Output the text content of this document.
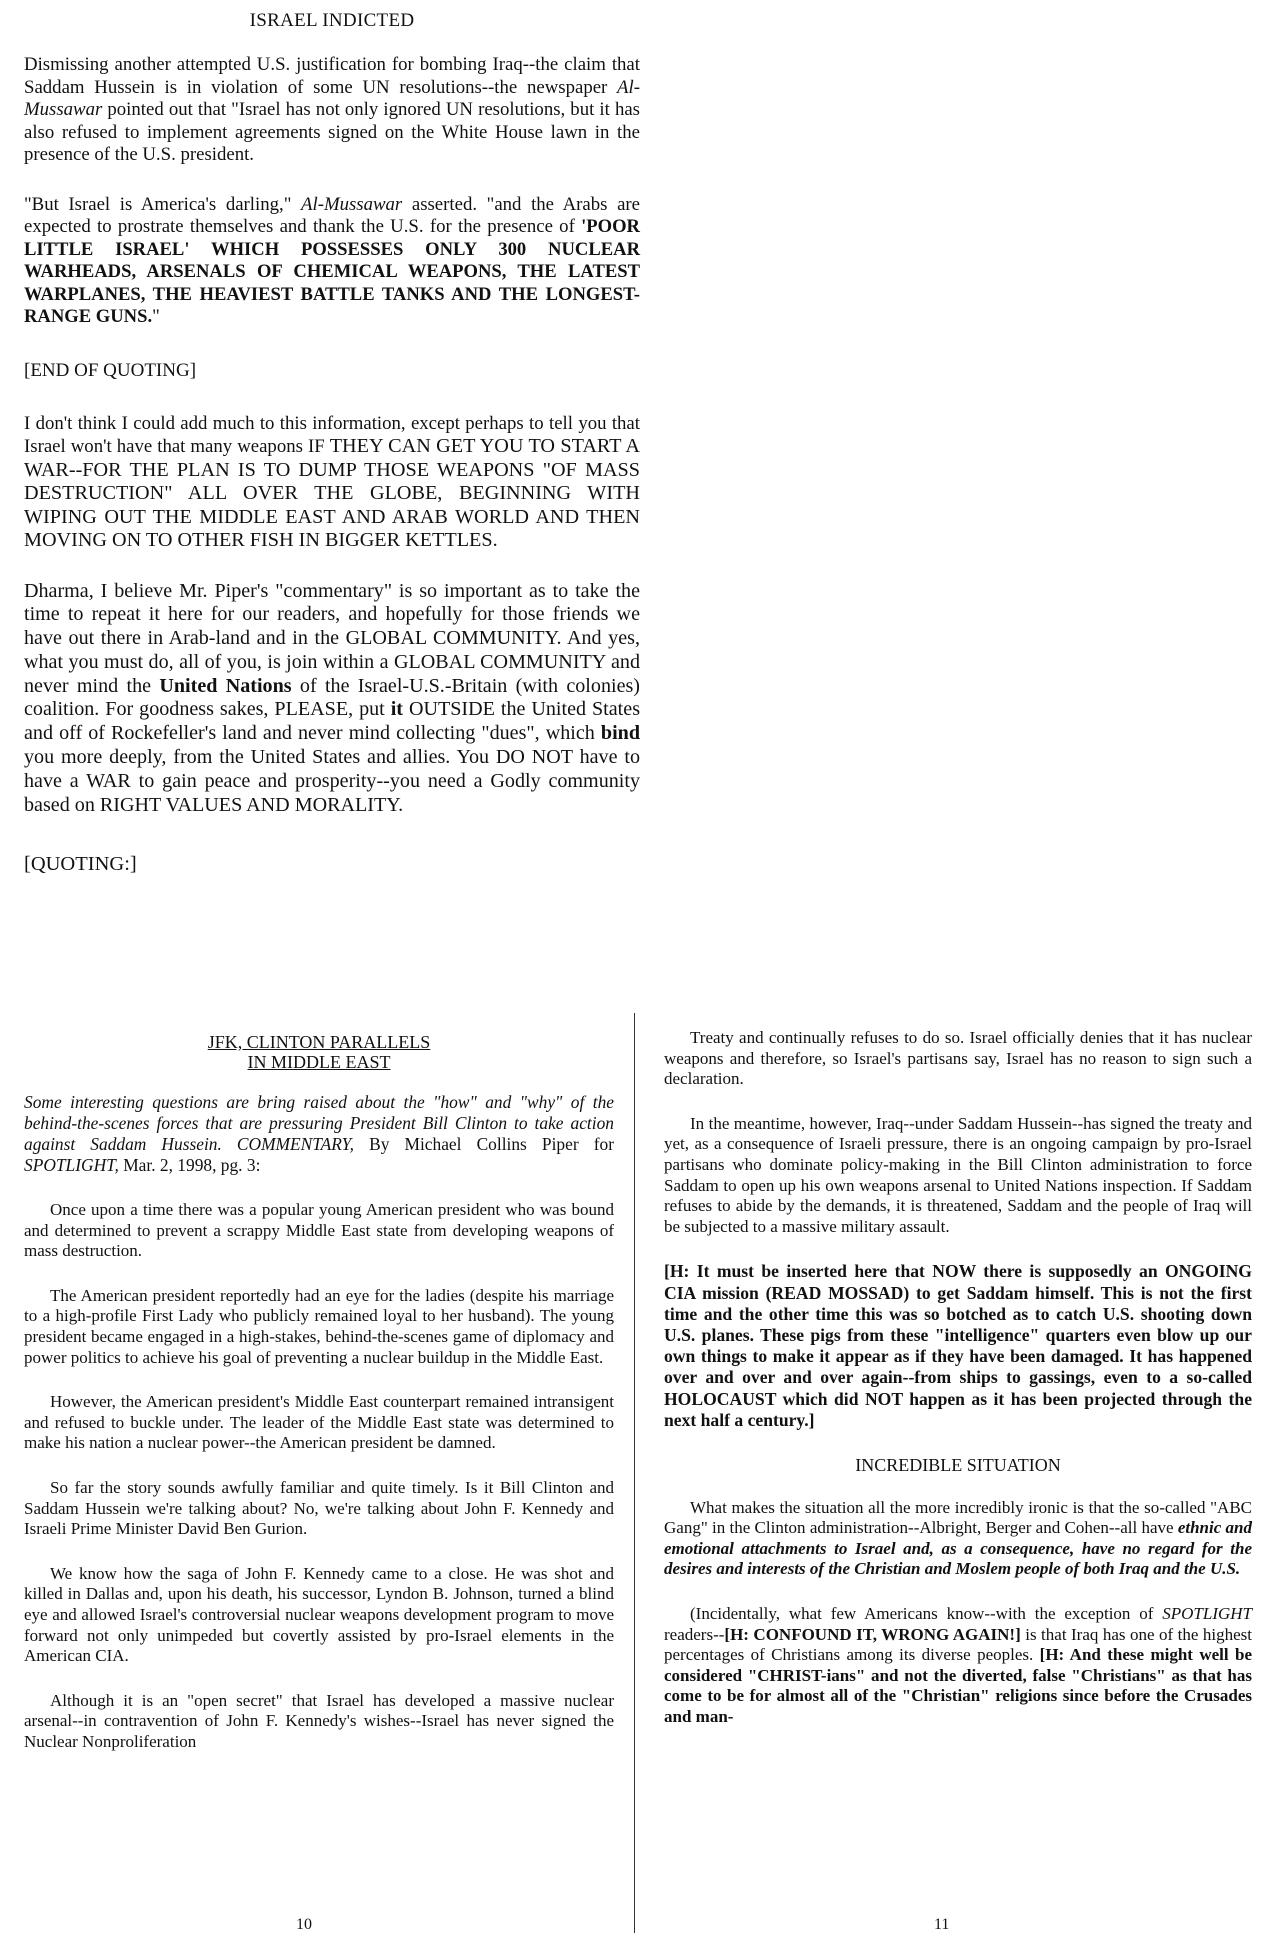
ISRAEL INDICTED

Dismissing another attempted U.S. justification for bombing Iraq--the claim that Saddam Hussein is in violation of some UN resolutions--the newspaper Al-Mussawar pointed out that "Israel has not only ignored UN resolutions, but it has also refused to implement agreements signed on the White House lawn in the presence of the U.S. president.

"But Israel is America's darling," Al-Mussawar asserted. "and the Arabs are expected to prostrate themselves and thank the U.S. for the presence of 'POOR LITTLE ISRAEL' WHICH POSSESSES ONLY 300 NUCLEAR WARHEADS, ARSENALS OF CHEMICAL WEAPONS, THE LATEST WARPLANES, THE HEAVIEST BATTLE TANKS AND THE LONGEST-RANGE GUNS."

[END OF QUOTING]

I don't think I could add much to this information, except perhaps to tell you that Israel won't have that many weapons IF THEY CAN GET YOU TO START A WAR--FOR THE PLAN IS TO DUMP THOSE WEAPONS "OF MASS DESTRUCTION" ALL OVER THE GLOBE, BEGINNING WITH WIPING OUT THE MIDDLE EAST AND ARAB WORLD AND THEN MOVING ON TO OTHER FISH IN BIGGER KETTLES.

Dharma, I believe Mr. Piper's "commentary" is so important as to take the time to repeat it here for our readers, and hopefully for those friends we have out there in Arab-land and in the GLOBAL COMMUNITY. And yes, what you must do, all of you, is join within a GLOBAL COMMUNITY and never mind the United Nations of the Israel-U.S.-Britain (with colonies) coalition. For goodness sakes, PLEASE, put it OUTSIDE the United States and off of Rockefeller's land and never mind collecting "dues", which bind you more deeply, from the United States and allies. You DO NOT have to have a WAR to gain peace and prosperity--you need a Godly community based on RIGHT VALUES AND MORALITY.

[QUOTING:]

JFK, CLINTON PARALLELS
IN MIDDLE EAST

Some interesting questions are bring raised about the "how" and "why" of the behind-the-scenes forces that are pressuring President Bill Clinton to take action against Saddam Hussein. COMMENTARY, By Michael Collins Piper for SPOTLIGHT, Mar. 2, 1998, pg. 3:

Once upon a time there was a popular young American president who was bound and determined to prevent a scrappy Middle East state from developing weapons of mass destruction.

The American president reportedly had an eye for the ladies (despite his marriage to a high-profile First Lady who publicly remained loyal to her husband). The young president became engaged in a high-stakes, behind-the-scenes game of diplomacy and power politics to achieve his goal of preventing a nuclear buildup in the Middle East.

However, the American president's Middle East counterpart remained intransigent and refused to buckle under. The leader of the Middle East state was determined to make his nation a nuclear power--the American president be damned.

So far the story sounds awfully familiar and quite timely. Is it Bill Clinton and Saddam Hussein we're talking about? No, we're talking about John F. Kennedy and Israeli Prime Minister David Ben Gurion.

We know how the saga of John F. Kennedy came to a close. He was shot and killed in Dallas and, upon his death, his successor, Lyndon B. Johnson, turned a blind eye and allowed Israel's controversial nuclear weapons development program to move forward not only unimpeded but covertly assisted by pro-Israel elements in the American CIA.

Although it is an "open secret" that Israel has developed a massive nuclear arsenal--in contravention of John F. Kennedy's wishes--Israel has never signed the Nuclear Nonproliferation

Treaty and continually refuses to do so. Israel officially denies that it has nuclear weapons and therefore, so Israel's partisans say, Israel has no reason to sign such a declaration.

In the meantime, however, Iraq--under Saddam Hussein--has signed the treaty and yet, as a consequence of Israeli pressure, there is an ongoing campaign by pro-Israel partisans who dominate policy-making in the Bill Clinton administration to force Saddam to open up his own weapons arsenal to United Nations inspection. If Saddam refuses to abide by the demands, it is threatened, Saddam and the people of Iraq will be subjected to a massive military assault.

[H: It must be inserted here that NOW there is supposedly an ONGOING CIA mission (READ MOSSAD) to get Saddam himself. This is not the first time and the other time this was so botched as to catch U.S. shooting down U.S. planes. These pigs from these "intelligence" quarters even blow up our own things to make it appear as if they have been damaged. It has happened over and over and over again--from ships to gassings, even to a so-called HOLOCAUST which did NOT happen as it has been projected through the next half a century.]

INCREDIBLE SITUATION

What makes the situation all the more incredibly ironic is that the so-called "ABC Gang" in the Clinton administration--Albright, Berger and Cohen--all have ethnic and emotional attachments to Israel and, as a consequence, have no regard for the desires and interests of the Christian and Moslem people of both Iraq and the U.S.

(Incidentally, what few Americans know--with the exception of SPOTLIGHT readers--[H: CONFOUND IT, WRONG AGAIN!] is that Iraq has one of the highest percentages of Christians among its diverse peoples. [H: And these might well be considered "CHRIST-ians" and not the diverted, false "Christians" as that has come to be for almost all of the "Christian" religions since before the Crusades and man-

10	11
